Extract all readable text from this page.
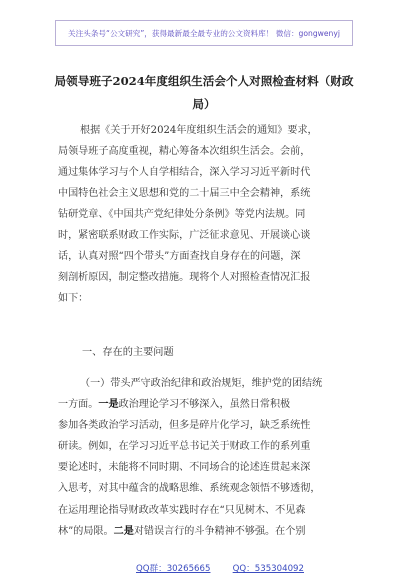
关注头条号“公文研究”，获得最新最全最专业的公文资料库！ 微信：gongwenyj
局领导班子2024年度组织生活会个人对照检查材料（财政
局）
根据《关于开好2024年度组织生活会的通知》要求，
局领导班子高度重视，精心筹备本次组织生活会。会前，
通过集体学习与个人自学相结合，深入学习习近平新时代
中国特色社会主义思想和党的二十届三中全会精神，系统
钻研党章、《中国共产党纪律处分条例》等党内法规。同
时，紧密联系财政工作实际，广泛征求意见、开展谈心谈
话，认真对照“四个带头”方面查找自身存在的问题，深
刻剖析原因，制定整改措施。现将个人对照检查情况汇报
如下：
一、存在的主要问题
（一）带头严守政治纪律和政治规矩，维护党的团结统
一方面。一是政治理论学习不够深入，虽然日常积极
参加各类政治学习活动，但多是碎片化学习，缺乏系统性
研读。例如，在学习习近平总书记关于财政工作的系列重
要论述时，未能将不同时期、不同场合的论述连贯起来深
入思考，对其中蕴含的战略思维、系统观念领悟不够透彻，
在运用理论指导财政改革实践时存在“只见树木、不见森
林”的局限。二是对错误言行的斗争精神不够强。在个别
QQ群：30265665	QQ：535304092
